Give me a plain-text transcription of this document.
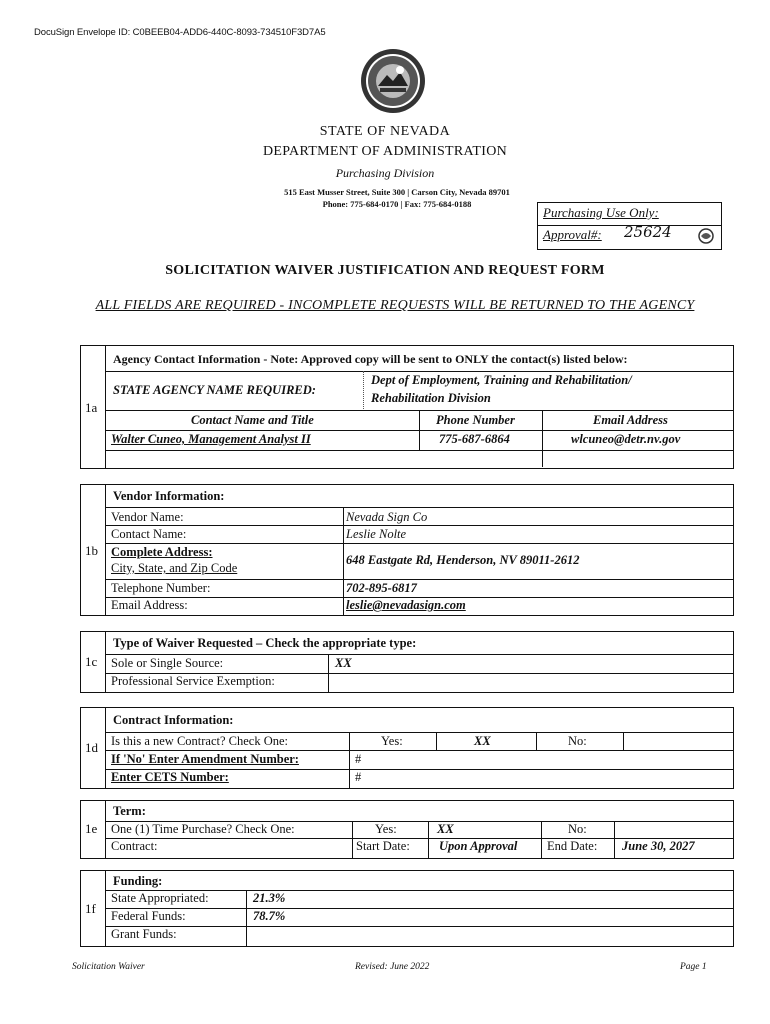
DocuSign Envelope ID: C0BEEB04-ADD6-440C-8093-734510F3D7A5
STATE OF NEVADA
DEPARTMENT OF ADMINISTRATION
Purchasing Division
515 East Musser Street, Suite 300 | Carson City, Nevada 89701
Phone: 775-684-0170 | Fax: 775-684-0188
Purchasing Use Only:
Approval#: 25624
SOLICITATION WAIVER JUSTIFICATION AND REQUEST FORM
ALL FIELDS ARE REQUIRED - INCOMPLETE REQUESTS WILL BE RETURNED TO THE AGENCY
1a
Agency Contact Information - Note: Approved copy will be sent to ONLY the contact(s) listed below:
STATE AGENCY NAME REQUIRED:
Dept of Employment, Training and Rehabilitation/
Rehabilitation Division
Contact Name and Title	Phone Number	Email Address
Walter Cuneo, Management Analyst II	775-687-6864	wlcuneo@detr.nv.gov
1b
Vendor Information:
Vendor Name:	Nevada Sign Co
Contact Name:	Leslie Nolte
Complete Address:
City, State, and Zip Code
648 Eastgate Rd, Henderson, NV 89011-2612
Telephone Number:	702-895-6817
Email Address:	leslie@nevadasign.com
1c
Type of Waiver Requested – Check the appropriate type:
Sole or Single Source:	XX
Professional Service Exemption:
1d
Contract Information:
Is this a new Contract? Check One:	Yes:	XX	No:
If 'No' Enter Amendment Number:	#
Enter CETS Number:	#
1e
Term:
One (1) Time Purchase? Check One:	Yes:	XX	No:
Contract:	Start Date: Upon Approval End Date: June 30, 2027
1f
Funding:
State Appropriated:	21.3%
Federal Funds:	78.7%
Grant Funds:
Solicitation Waiver	Revised: June 2022	Page 1
